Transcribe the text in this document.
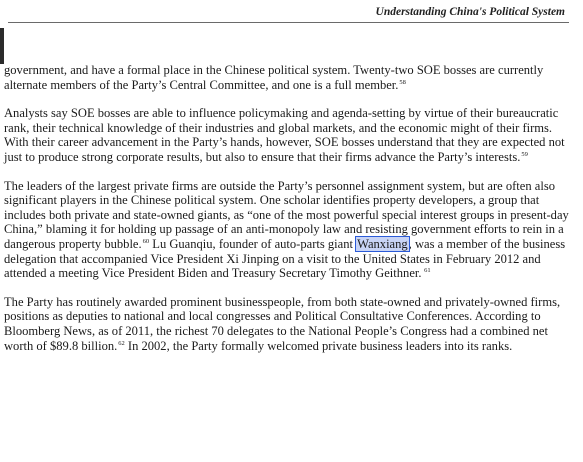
Understanding China's Political System

government, and have a formal place in the Chinese political system. Twenty-two SOE bosses are currently alternate members of the Party’s Central Committee, and one is a full member.$^{58}$

Analysts say SOE bosses are able to influence policymaking and agenda-setting by virtue of their bureaucratic rank, their technical knowledge of their industries and global markets, and the economic might of their firms. With their career advancement in the Party’s hands, however, SOE bosses understand that they are expected not just to produce strong corporate results, but also to ensure that their firms advance the Party’s interests.$^{59}$

The leaders of the largest private firms are outside the Party’s personnel assignment system, but are often also significant players in the Chinese political system. One scholar identifies property developers, a group that includes both private and state-owned giants, as “one of the most powerful special interest groups in present-day China,” blaming it for holding up passage of an anti-monopoly law and resisting government efforts to rein in a dangerous property bubble.$^{60}$ Lu Guanqiu, founder of auto-parts giant Wanxiang, was a member of the business delegation that accompanied Vice President Xi Jinping on a visit to the United States in February 2012 and attended a meeting Vice President Biden and Treasury Secretary Timothy Geithner. $^{61}$

The Party has routinely awarded prominent businesspeople, from both state-owned and privately-owned firms, positions as deputies to national and local congresses and Political Consultative Conferences. According to Bloomberg News, as of 2011, the richest 70 delegates to the National People’s Congress had a combined net worth of $89.8 billion.$^{62}$ In 2002, the Party formally welcomed private business leaders into its ranks.
